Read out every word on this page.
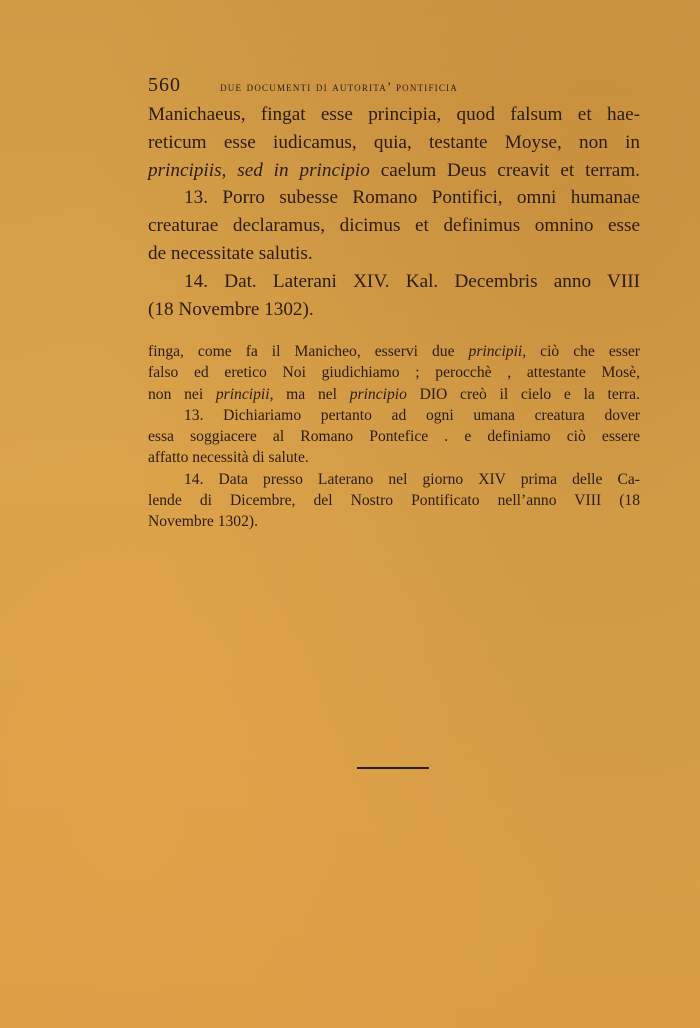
560	due documenti di autorita’ pontificia

Manichaeus, fingat esse principia, quod falsum et hae-
reticum esse iudicamus, quia, testante Moyse, non in
principiis, sed in principio caelum Deus creavit et terram.

13. Porro subesse Romano Pontifici, omni humanae

creaturae declaramus, dicimus et definimus omnino esse
de necessitate salutis.

14. Dat. Laterani XIV. Kal. Decembris anno VIII

(18 Novembre 1302).

finga, come fa il Manicheo, esservi due principii, ciò che esser
falso ed eretico Noi giudichiamo ; perocchè , attestante Mosè,
non nei principii, ma nel principio DIO creò il cielo e la terra.

13. Dichiariamo pertanto ad ogni umana creatura dover

essa soggiacere al Romano Pontefice . e definiamo ciò essere
affatto necessità di salute.

14. Data presso Laterano nel giorno XIV prima delle Ca-

lende di Dicembre, del Nostro Pontificato nell’anno VIII (18
Novembre 1302).
